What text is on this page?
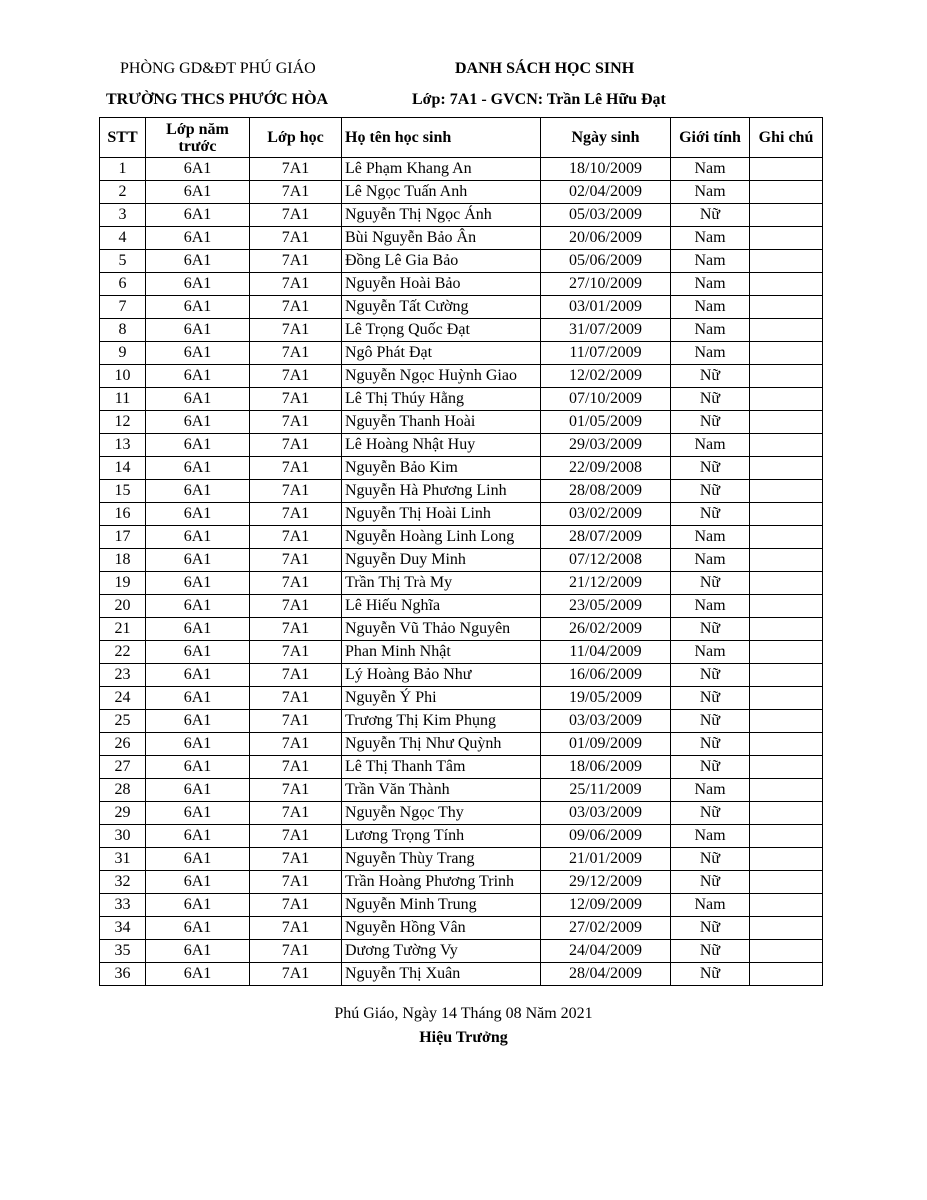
PHÒNG GD&ĐT PHÚ GIÁO	DANH SÁCH HỌC SINH
TRƯỜNG THCS PHƯỚC HÒA	Lớp: 7A1 - GVCN: Trần Lê Hữu Đạt
STT	Lớp năm trước	Lớp học	Họ tên học sinh	Ngày sinh	Giới tính	Ghi chú
1	6A1	7A1	Lê Phạm Khang An	18/10/2009	Nam	
2	6A1	7A1	Lê Ngọc Tuấn Anh	02/04/2009	Nam	
3	6A1	7A1	Nguyễn Thị Ngọc Ánh	05/03/2009	Nữ	
4	6A1	7A1	Bùi Nguyễn Bảo Ân	20/06/2009	Nam	
5	6A1	7A1	Đồng Lê Gia Bảo	05/06/2009	Nam	
6	6A1	7A1	Nguyễn Hoài Bảo	27/10/2009	Nam	
7	6A1	7A1	Nguyễn Tất Cường	03/01/2009	Nam	
8	6A1	7A1	Lê Trọng Quốc Đạt	31/07/2009	Nam	
9	6A1	7A1	Ngô Phát Đạt	11/07/2009	Nam	
10	6A1	7A1	Nguyễn Ngọc Huỳnh Giao	12/02/2009	Nữ	
11	6A1	7A1	Lê Thị Thúy Hằng	07/10/2009	Nữ	
12	6A1	7A1	Nguyễn Thanh Hoài	01/05/2009	Nữ	
13	6A1	7A1	Lê Hoàng Nhật Huy	29/03/2009	Nam	
14	6A1	7A1	Nguyễn Bảo Kim	22/09/2008	Nữ	
15	6A1	7A1	Nguyễn Hà Phương Linh	28/08/2009	Nữ	
16	6A1	7A1	Nguyễn Thị Hoài Linh	03/02/2009	Nữ	
17	6A1	7A1	Nguyễn Hoàng Linh Long	28/07/2009	Nam	
18	6A1	7A1	Nguyễn Duy Minh	07/12/2008	Nam	
19	6A1	7A1	Trần Thị Trà My	21/12/2009	Nữ	
20	6A1	7A1	Lê Hiếu Nghĩa	23/05/2009	Nam	
21	6A1	7A1	Nguyễn Vũ Thảo Nguyên	26/02/2009	Nữ	
22	6A1	7A1	Phan Minh Nhật	11/04/2009	Nam	
23	6A1	7A1	Lý Hoàng Bảo Như	16/06/2009	Nữ	
24	6A1	7A1	Nguyễn Ý Phi	19/05/2009	Nữ	
25	6A1	7A1	Trương Thị Kim Phụng	03/03/2009	Nữ	
26	6A1	7A1	Nguyễn Thị Như Quỳnh	01/09/2009	Nữ	
27	6A1	7A1	Lê Thị Thanh Tâm	18/06/2009	Nữ	
28	6A1	7A1	Trần Văn Thành	25/11/2009	Nam	
29	6A1	7A1	Nguyễn Ngọc Thy	03/03/2009	Nữ	
30	6A1	7A1	Lương Trọng Tính	09/06/2009	Nam	
31	6A1	7A1	Nguyễn Thùy Trang	21/01/2009	Nữ	
32	6A1	7A1	Trần Hoàng Phương Trinh	29/12/2009	Nữ	
33	6A1	7A1	Nguyễn Minh Trung	12/09/2009	Nam	
34	6A1	7A1	Nguyễn Hồng Vân	27/02/2009	Nữ	
35	6A1	7A1	Dương Tường Vy	24/04/2009	Nữ	
36	6A1	7A1	Nguyễn Thị Xuân	28/04/2009	Nữ	
Phú Giáo, Ngày 14 Tháng 08 Năm 2021
Hiệu Trưởng
